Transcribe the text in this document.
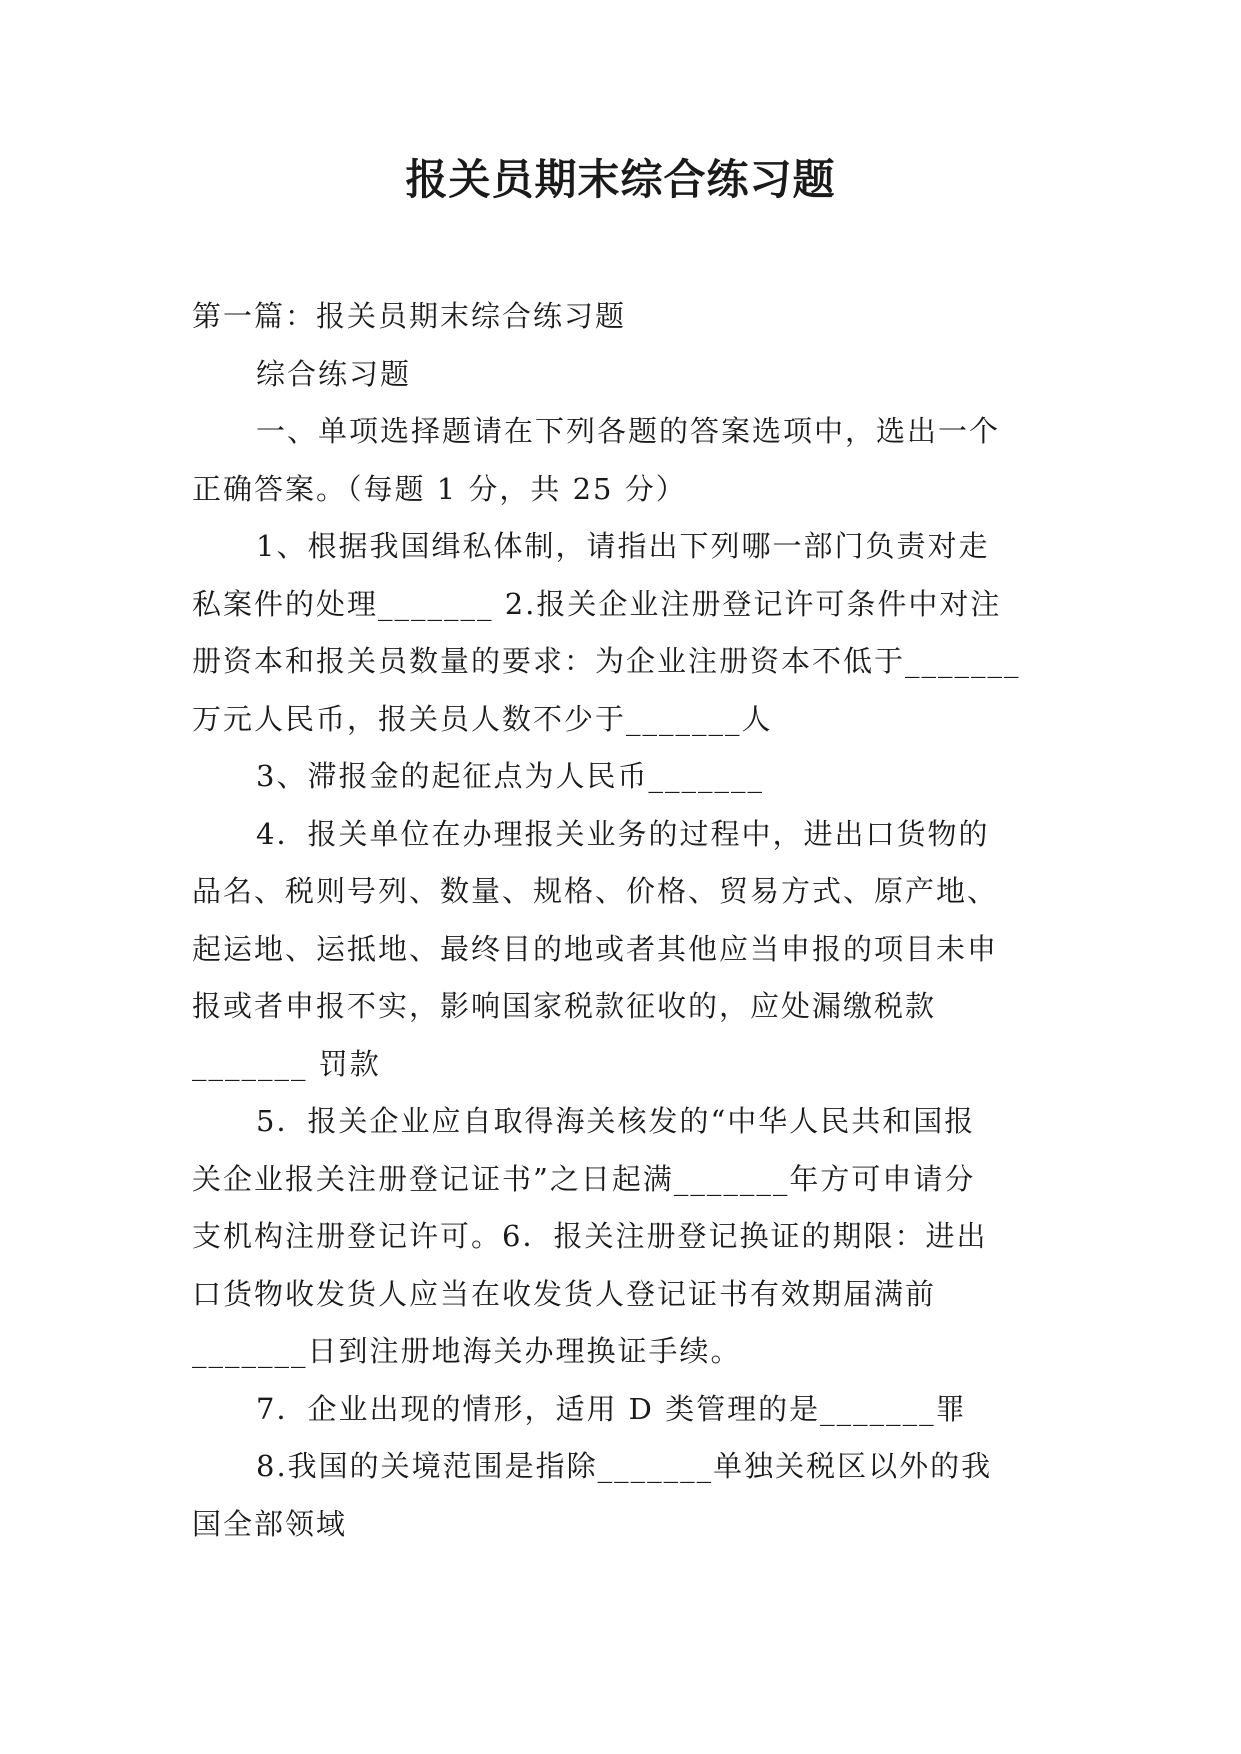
报关员期末综合练习题
第一篇：报关员期末综合练习题
综合练习题
一、单项选择题请在下列各题的答案选项中，选出一个
正确答案。（每题 1 分，共 25 分）
1、根据我国缉私体制，请指出下列哪一部门负责对走
私案件的处理_______ 2.报关企业注册登记许可条件中对注
册资本和报关员数量的要求：为企业注册资本不低于_______
万元人民币，报关员人数不少于_______人
3、滞报金的起征点为人民币_______
4．报关单位在办理报关业务的过程中，进出口货物的
品名、税则号列、数量、规格、价格、贸易方式、原产地、
起运地、运抵地、最终目的地或者其他应当申报的项目未申
报或者申报不实，影响国家税款征收的，应处漏缴税款
_______ 罚款
5．报关企业应自取得海关核发的“中华人民共和国报
关企业报关注册登记证书”之日起满_______年方可申请分
支机构注册登记许可。6．报关注册登记换证的期限：进出
口货物收发货人应当在收发货人登记证书有效期届满前
_______日到注册地海关办理换证手续。
7．企业出现的情形，适用 D 类管理的是_______罪
8.我国的关境范围是指除_______单独关税区以外的我
国全部领域
